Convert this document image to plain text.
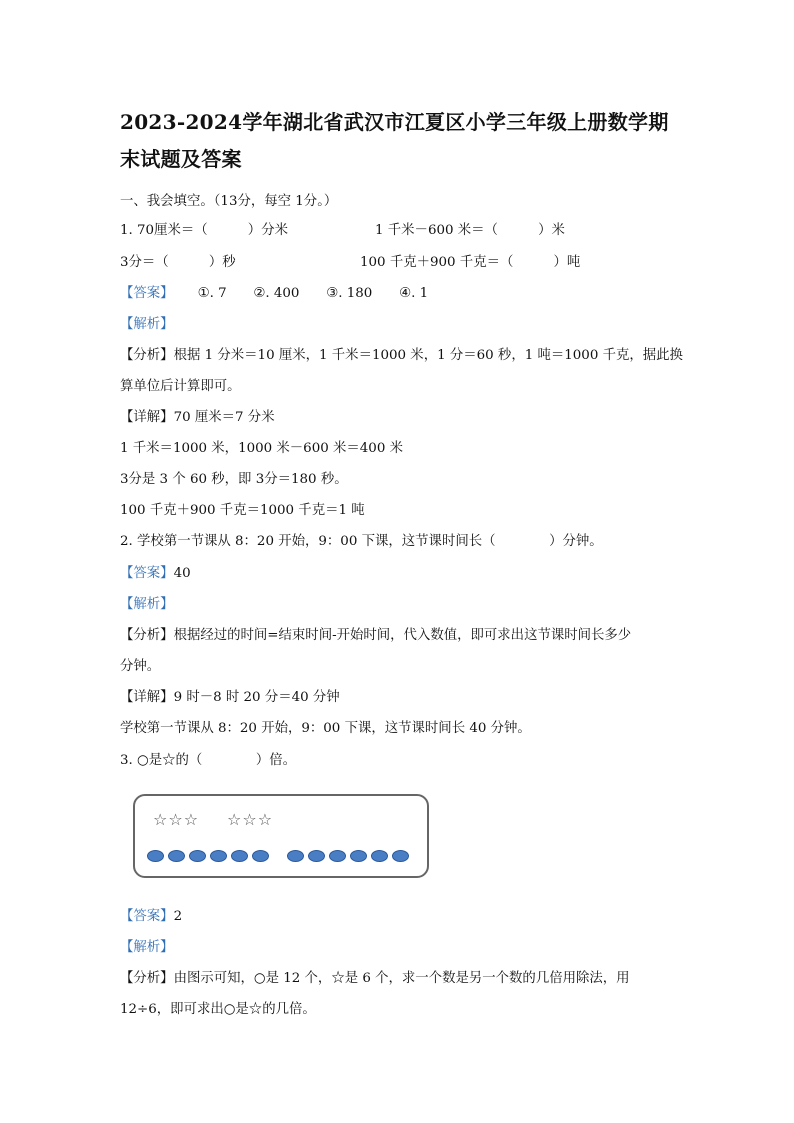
2023-2024学年湖北省武汉市江夏区小学三年级上册数学期末试题及答案
一、我会填空。（13分，每空 1分。）
1. 70厘米＝（　　　）分米	1 千米－600 米＝（　　　）米
3分＝（　　　）秒	100 千克＋900 千克＝（　　　）吨
【答案】 ①. 7　　②. 400　　③. 180　　④. 1
【解析】
【分析】根据 1 分米＝10 厘米，1 千米＝1000 米，1 分＝60 秒，1 吨＝1000 千克，据此换
算单位后计算即可。
【详解】70 厘米＝7 分米
1 千米＝1000 米，1000 米－600 米＝400 米
3分是 3 个 60 秒，即 3分＝180 秒。
100 千克＋900 千克＝1000 千克＝1 吨
2. 学校第一节课从 8：20 开始，9：00 下课，这节课时间长（　　　　）分钟。
【答案】40
【解析】
【分析】根据经过的时间=结束时间-开始时间，代入数值，即可求出这节课时间长多少
分钟。
【详解】9 时－8 时 20 分＝40 分钟
学校第一节课从 8：20 开始，9：00 下课，这节课时间长 40 分钟。
3. ○是☆的（　　　　）倍。
☆☆☆ ☆☆☆
【答案】2
【解析】
【分析】由图示可知，○是 12 个，☆是 6 个，求一个数是另一个数的几倍用除法，用
12÷6，即可求出○是☆的几倍。
